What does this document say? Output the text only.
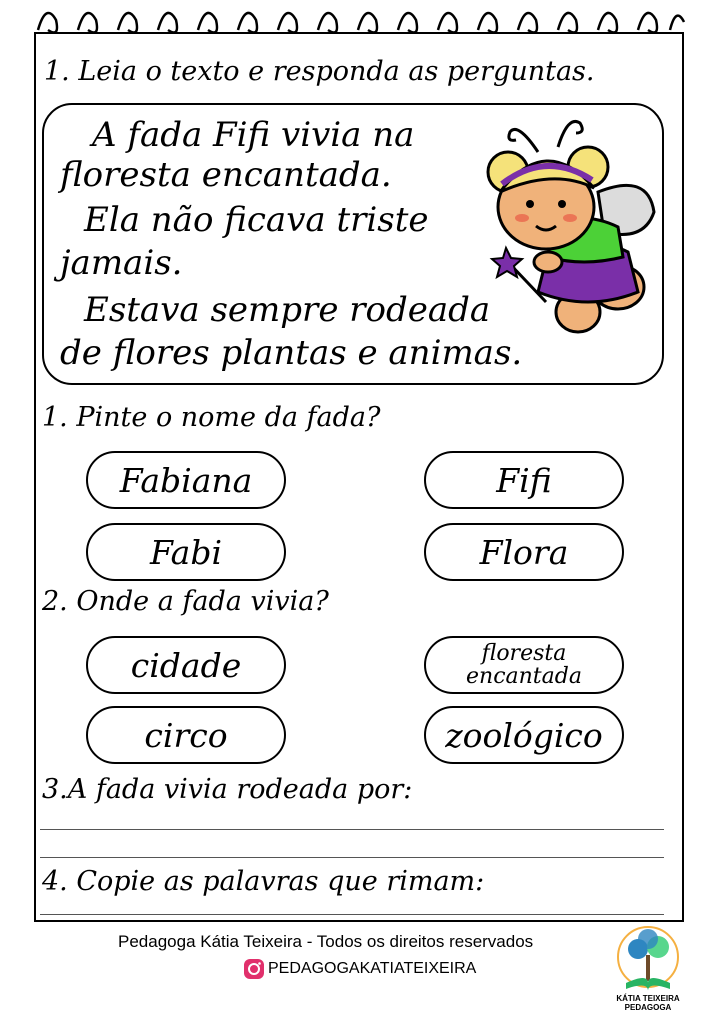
1. Leia o texto e responda as perguntas.
A fada Fifi vivia na
floresta encantada.
Ela não ficava triste
jamais.
Estava sempre rodeada
de flores plantas e animas.
1. Pinte o nome da fada?
Fabiana	Fifi
Fabi	Flora
2. Onde a fada vivia?
cidade	floresta encantada
circo	zoológico
3.A fada vivia rodeada por:
4. Copie as palavras que rimam:
Pedagoga Kátia Teixeira - Todos os direitos reservados
PEDAGOGAKATIATEIXEIRA
KÁTIA TEIXEIRA
PEDAGOGA
